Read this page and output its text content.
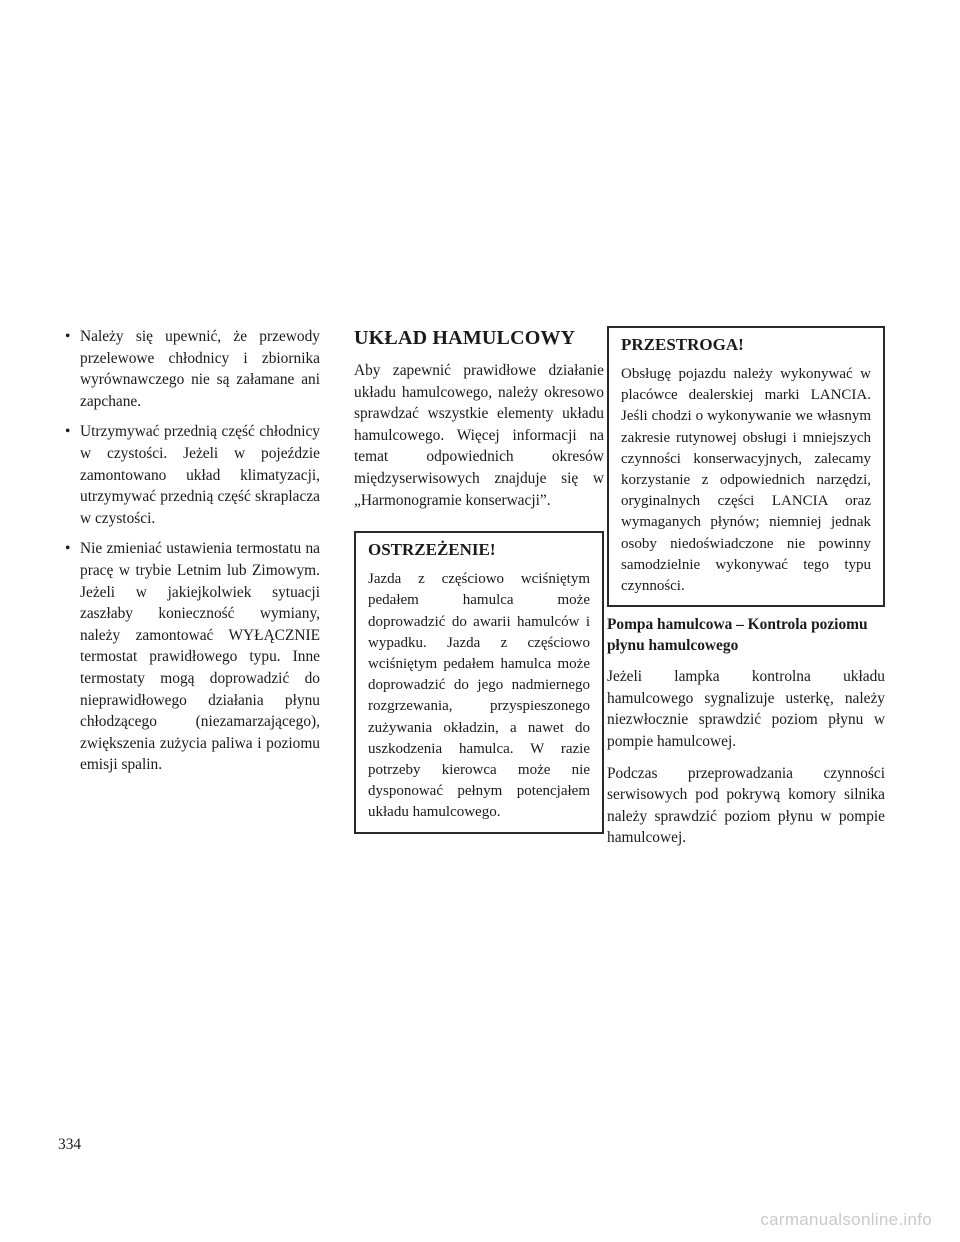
• Należy się upewnić, że przewody przelewowe chłodnicy i zbiornika wyrównawczego nie są załamane ani zapchane.
• Utrzymywać przednią część chłodnicy w czystości. Jeżeli w pojeździe zamontowano układ klimatyzacji, utrzymywać przednią część skraplacza w czystości.
• Nie zmieniać ustawienia termostatu na pracę w trybie Letnim lub Zimowym. Jeżeli w jakiejkolwiek sytuacji zaszłaby konieczność wymiany, należy zamontować WYŁĄCZNIE termostat prawidłowego typu. Inne termostaty mogą doprowadzić do nieprawidłowego działania płynu chłodzącego (niezamarzającego), zwiększenia zużycia paliwa i poziomu emisji spalin.
UKŁAD HAMULCOWY

Aby zapewnić prawidłowe działanie układu hamulcowego, należy okresowo sprawdzać wszystkie elementy układu hamulcowego. Więcej informacji na temat odpowiednich okresów międzyserwisowych znajduje się w „Harmonogramie konserwacji”.

OSTRZEŻENIE!

Jazda z częściowo wciśniętym pedałem hamulca może doprowadzić do awarii hamulców i wypadku. Jazda z częściowo wciśniętym pedałem hamulca może doprowadzić do jego nadmiernego rozgrzewania, przyspieszonego zużywania okładzin, a nawet do uszkodzenia hamulca. W razie potrzeby kierowca może nie dysponować pełnym potencjałem układu hamulcowego.

PRZESTROGA!

Obsługę pojazdu należy wykonywać w placówce dealerskiej marki LANCIA. Jeśli chodzi o wykonywanie we własnym zakresie rutynowej obsługi i mniejszych czynności konserwacyjnych, zalecamy korzystanie z odpowiednich narzędzi, oryginalnych części LANCIA oraz wymaganych płynów; niemniej jednak osoby niedoświadczone nie powinny samodzielnie wykonywać tego typu czynności.

Pompa hamulcowa – Kontrola poziomu płynu hamulcowego

Jeżeli lampka kontrolna układu hamulcowego sygnalizuje usterkę, należy niezwłocznie sprawdzić poziom płynu w pompie hamulcowej.

Podczas przeprowadzania czynności serwisowych pod pokrywą komory silnika należy sprawdzić poziom płynu w pompie hamulcowej.

334
carmanualsonline.info
